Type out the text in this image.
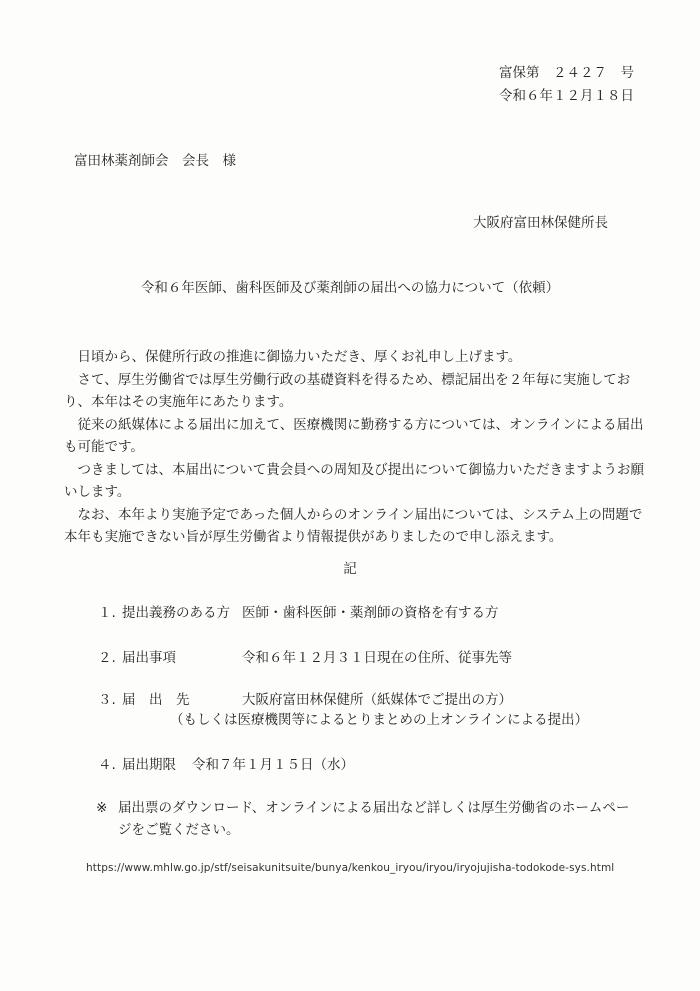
富保第　２４２７　号
令和６年１２月１８日
富田林薬剤師会　会長　様
大阪府富田林保健所長
令和６年医師、歯科医師及び薬剤師の届出への協力について（依頼）

日頃から、保健所行政の推進に御協力いただき、厚くお礼申し上げます。

さて、厚生労働省では厚生労働行政の基礎資料を得るため、標記届出を２年毎に実施しており、本年はその実施年にあたります。

従来の紙媒体による届出に加えて、医療機関に勤務する方については、オンラインによる届出も可能です。

つきましては、本届出について貴会員への周知及び提出について御協力いただきますようお願いします。

なお、本年より実施予定であった個人からのオンライン届出については、システム上の問題で本年も実施できない旨が厚生労働省より情報提供がありましたので申し添えます。

記
１. 提出義務のある方 医師・歯科医師・薬剤師の資格を有する方
２. 届出事項	令和６年１２月３１日現在の住所、従事先等
３. 届　出　先	大阪府富田林保健所（紙媒体でご提出の方）
（もしくは医療機関等によるとりまとめの上オンラインによる提出）
４. 届出期限 令和７年１月１５日（水）
※ 届出票のダウンロード、オンラインによる届出など詳しくは厚生労働省のホームページをご覧ください。
https://www.mhlw.go.jp/stf/seisakunitsuite/bunya/kenkou_iryou/iryou/iryojujisha-todokode-sys.html
